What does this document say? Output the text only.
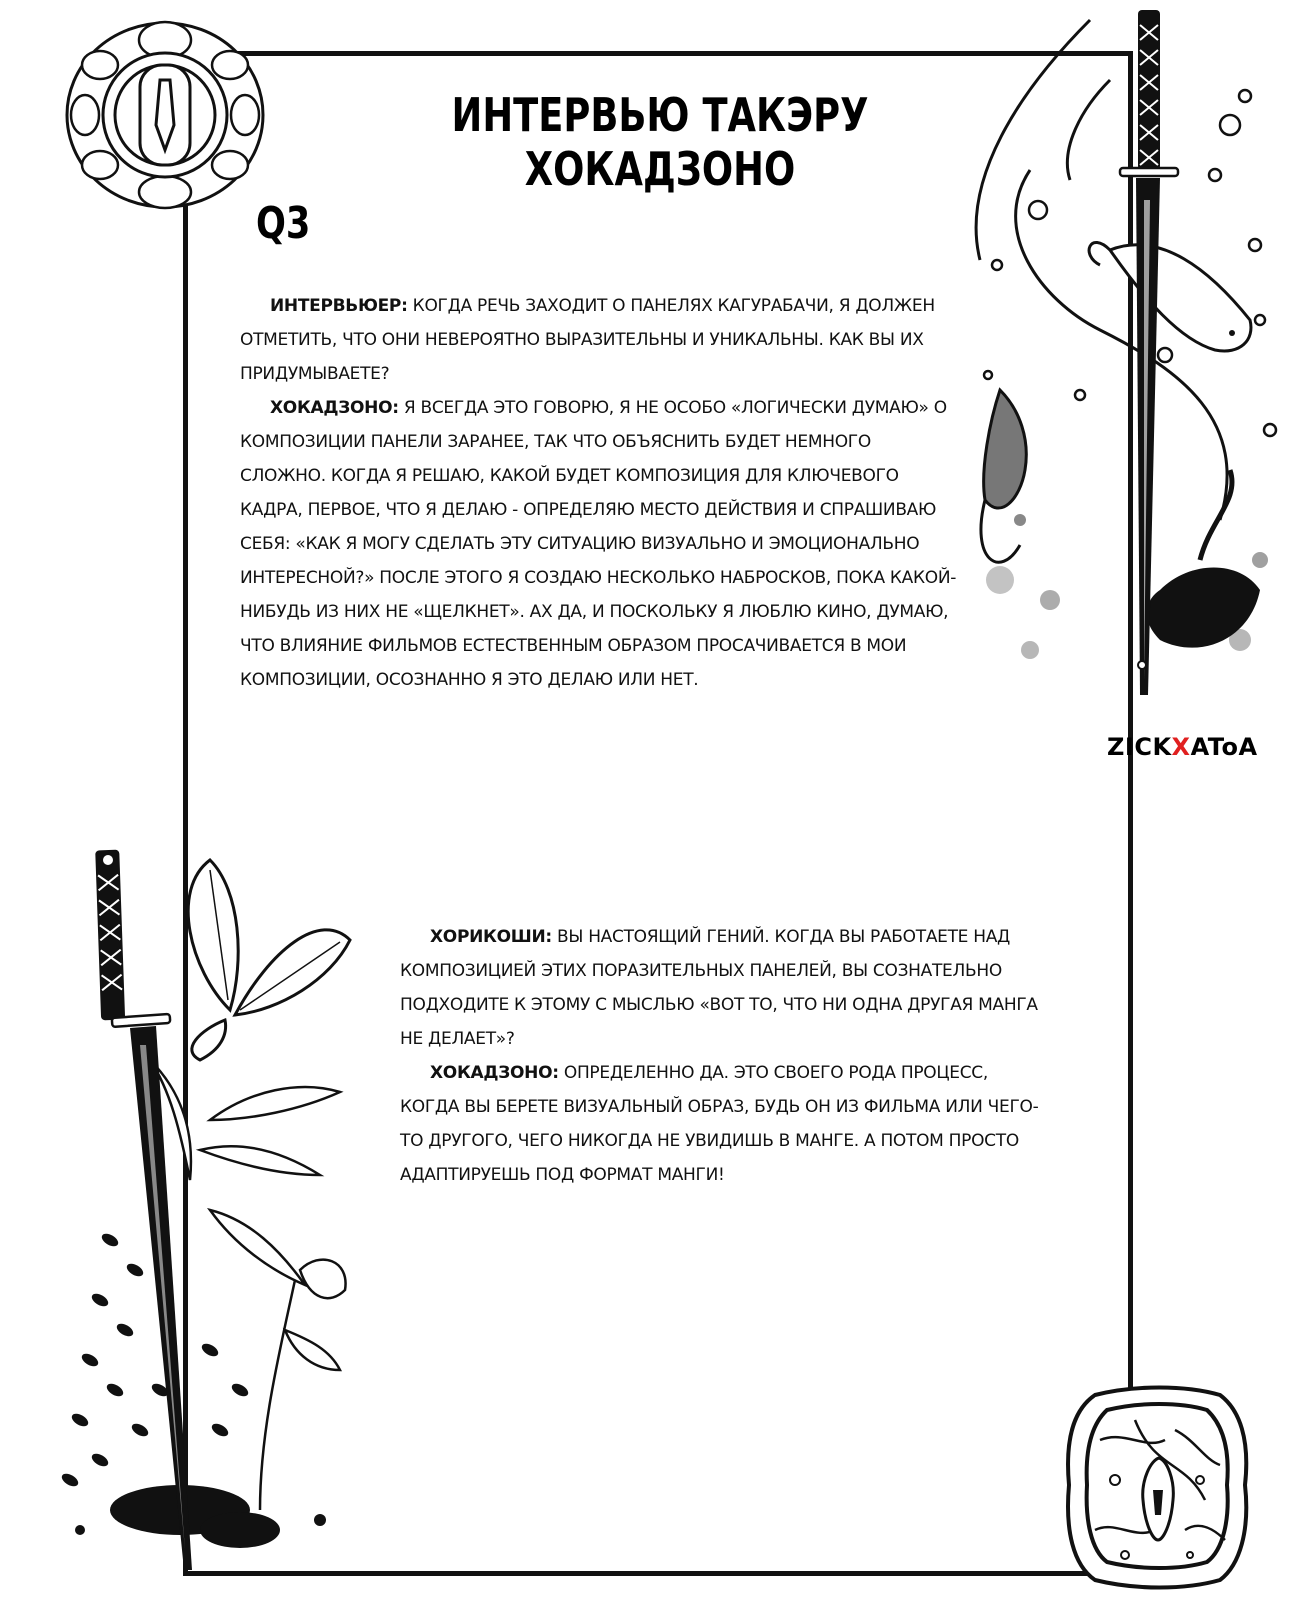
ИНТЕРВЬЮ ТАКЭРУ ХОКАДЗОНО
Q3

ИНТЕРВЬЮЕР: КОГДА РЕЧЬ ЗАХОДИТ О ПАНЕЛЯХ КАГУРАБАЧИ, Я ДОЛЖЕН ОТМЕТИТЬ, ЧТО ОНИ НЕВЕРОЯТНО ВЫРАЗИТЕЛЬНЫ И УНИКАЛЬНЫ. КАК ВЫ ИХ ПРИДУМЫВАЕТЕ?

ХОКАДЗОНО: Я ВСЕГДА ЭТО ГОВОРЮ, Я НЕ ОСОБО «ЛОГИЧЕСКИ ДУМАЮ» О КОМПОЗИЦИИ ПАНЕЛИ ЗАРАНЕЕ, ТАК ЧТО ОБЪЯСНИТЬ БУДЕТ НЕМНОГО СЛОЖНО. КОГДА Я РЕШАЮ, КАКОЙ БУДЕТ КОМПОЗИЦИЯ ДЛЯ КЛЮЧЕВОГО КАДРА, ПЕРВОЕ, ЧТО Я ДЕЛАЮ - ОПРЕДЕЛЯЮ МЕСТО ДЕЙСТВИЯ И СПРАШИВАЮ СЕБЯ: «КАК Я МОГУ СДЕЛАТЬ ЭТУ СИТУАЦИЮ ВИЗУАЛЬНО И ЭМОЦИОНАЛЬНО ИНТЕРЕСНОЙ?» ПОСЛЕ ЭТОГО Я СОЗДАЮ НЕСКОЛЬКО НАБРОСКОВ, ПОКА КАКОЙ-НИБУДЬ ИЗ НИХ НЕ «ЩЕЛКНЕТ». АХ ДА, И ПОСКОЛЬКУ Я ЛЮБЛЮ КИНО, ДУМАЮ, ЧТО ВЛИЯНИЕ ФИЛЬМОВ ЕСТЕСТВЕННЫМ ОБРАЗОМ ПРОСАЧИВАЕТСЯ В МОИ КОМПОЗИЦИИ, ОСОЗНАННО Я ЭТО ДЕЛАЮ ИЛИ НЕТ.

ХОРИКОШИ: ВЫ НАСТОЯЩИЙ ГЕНИЙ. КОГДА ВЫ РАБОТАЕТЕ НАД КОМПОЗИЦИЕЙ ЭТИХ ПОРАЗИТЕЛЬНЫХ ПАНЕЛЕЙ, ВЫ СОЗНАТЕЛЬНО ПОДХОДИТЕ К ЭТОМУ С МЫСЛЬЮ «ВОТ ТО, ЧТО НИ ОДНА ДРУГАЯ МАНГА НЕ ДЕЛАЕТ»?

ХОКАДЗОНО: ОПРЕДЕЛЕННО ДА. ЭТО СВОЕГО РОДА ПРОЦЕСС, КОГДА ВЫ БЕРЕТЕ ВИЗУАЛЬНЫЙ ОБРАЗ, БУДЬ ОН ИЗ ФИЛЬМА ИЛИ ЧЕГО-ТО ДРУГОГО, ЧЕГО НИКОГДА НЕ УВИДИШЬ В МАНГЕ. А ПОТОМ ПРОСТО АДАПТИРУЕШЬ ПОД ФОРМАТ МАНГИ!

ZICKXAToA
